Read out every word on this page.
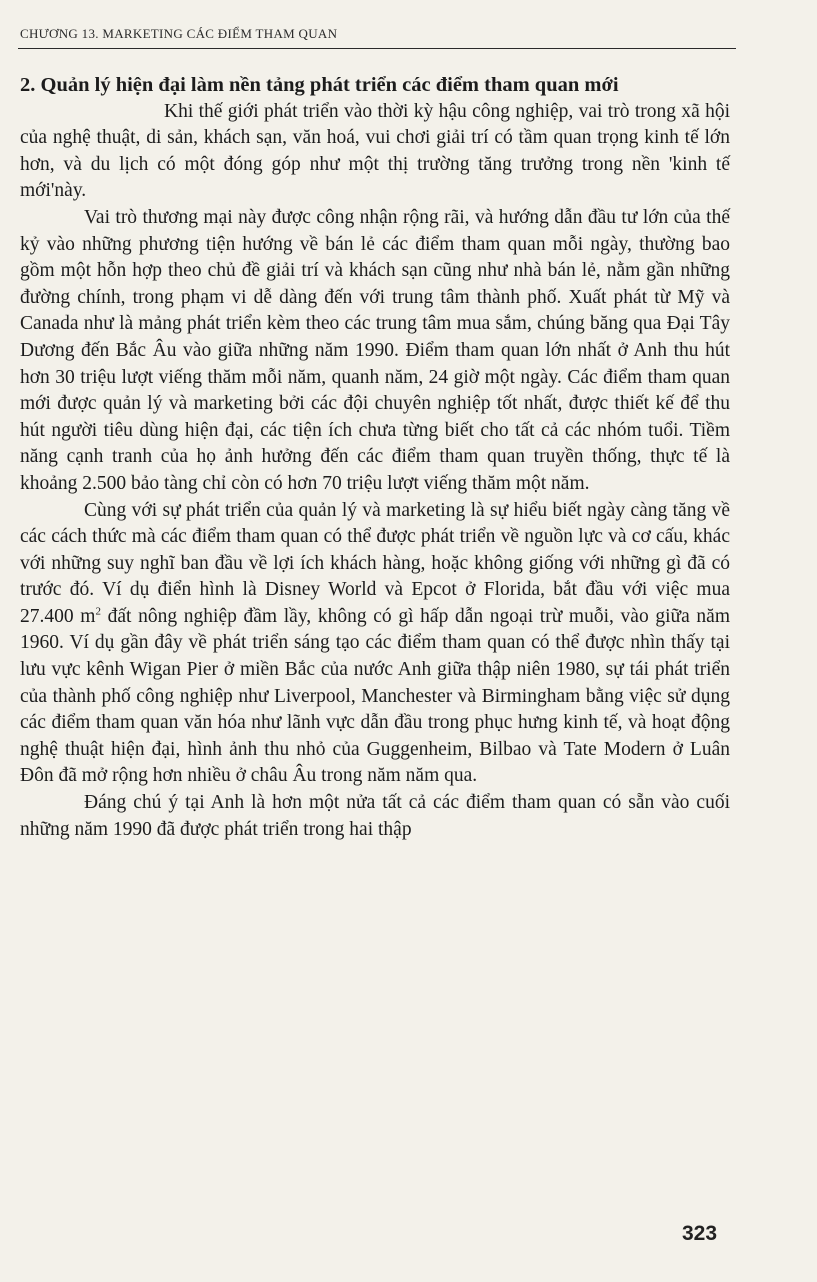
CHƯƠNG 13. MARKETING CÁC ĐIỂM THAM QUAN
2. Quản lý hiện đại làm nền tảng phát triển các điểm tham quan mới

Khi thế giới phát triển vào thời kỳ hậu công nghiệp, vai trò trong xã hội của nghệ thuật, di sản, khách sạn, văn hoá, vui chơi giải trí có tầm quan trọng kinh tế lớn hơn, và du lịch có một đóng góp như một thị trường tăng trưởng trong nền 'kinh tế mới'này.

Vai trò thương mại này được công nhận rộng rãi, và hướng dẫn đầu tư lớn của thế kỷ vào những phương tiện hướng về bán lẻ các điểm tham quan mỗi ngày, thường bao gồm một hỗn hợp theo chủ đề giải trí và khách sạn cũng như nhà bán lẻ, nằm gần những đường chính, trong phạm vi dễ dàng đến với trung tâm thành phố. Xuất phát từ Mỹ và Canada như là mảng phát triển kèm theo các trung tâm mua sắm, chúng băng qua Đại Tây Dương đến Bắc Âu vào giữa những năm 1990. Điểm tham quan lớn nhất ở Anh thu hút hơn 30 triệu lượt viếng thăm mỗi năm, quanh năm, 24 giờ một ngày. Các điểm tham quan mới được quản lý và marketing bởi các đội chuyên nghiệp tốt nhất, được thiết kế để thu hút người tiêu dùng hiện đại, các tiện ích chưa từng biết cho tất cả các nhóm tuổi. Tiềm năng cạnh tranh của họ ảnh hưởng đến các điểm tham quan truyền thống, thực tế là khoảng 2.500 bảo tàng chỉ còn có hơn 70 triệu lượt viếng thăm một năm.

Cùng với sự phát triển của quản lý và marketing là sự hiểu biết ngày càng tăng về các cách thức mà các điểm tham quan có thể được phát triển về nguồn lực và cơ cấu, khác với những suy nghĩ ban đầu về lợi ích khách hàng, hoặc không giống với những gì đã có trước đó. Ví dụ điển hình là Disney World và Epcot ở Florida, bắt đầu với việc mua 27.400 $m^2$ đất nông nghiệp đầm lầy, không có gì hấp dẫn ngoại trừ muỗi, vào giữa năm 1960. Ví dụ gần đây về phát triển sáng tạo các điểm tham quan có thể được nhìn thấy tại lưu vực kênh Wigan Pier ở miền Bắc của nước Anh giữa thập niên 1980, sự tái phát triển của thành phố công nghiệp như Liverpool, Manchester và Birmingham bằng việc sử dụng các điểm tham quan văn hóa như lãnh vực dẫn đầu trong phục hưng kinh tế, và hoạt động nghệ thuật hiện đại, hình ảnh thu nhỏ của Guggenheim, Bilbao và Tate Modern ở Luân Đôn đã mở rộng hơn nhiều ở châu Âu trong năm năm qua.

Đáng chú ý tại Anh là hơn một nửa tất cả các điểm tham quan có sẵn vào cuối những năm 1990 đã được phát triển trong hai thập

323
